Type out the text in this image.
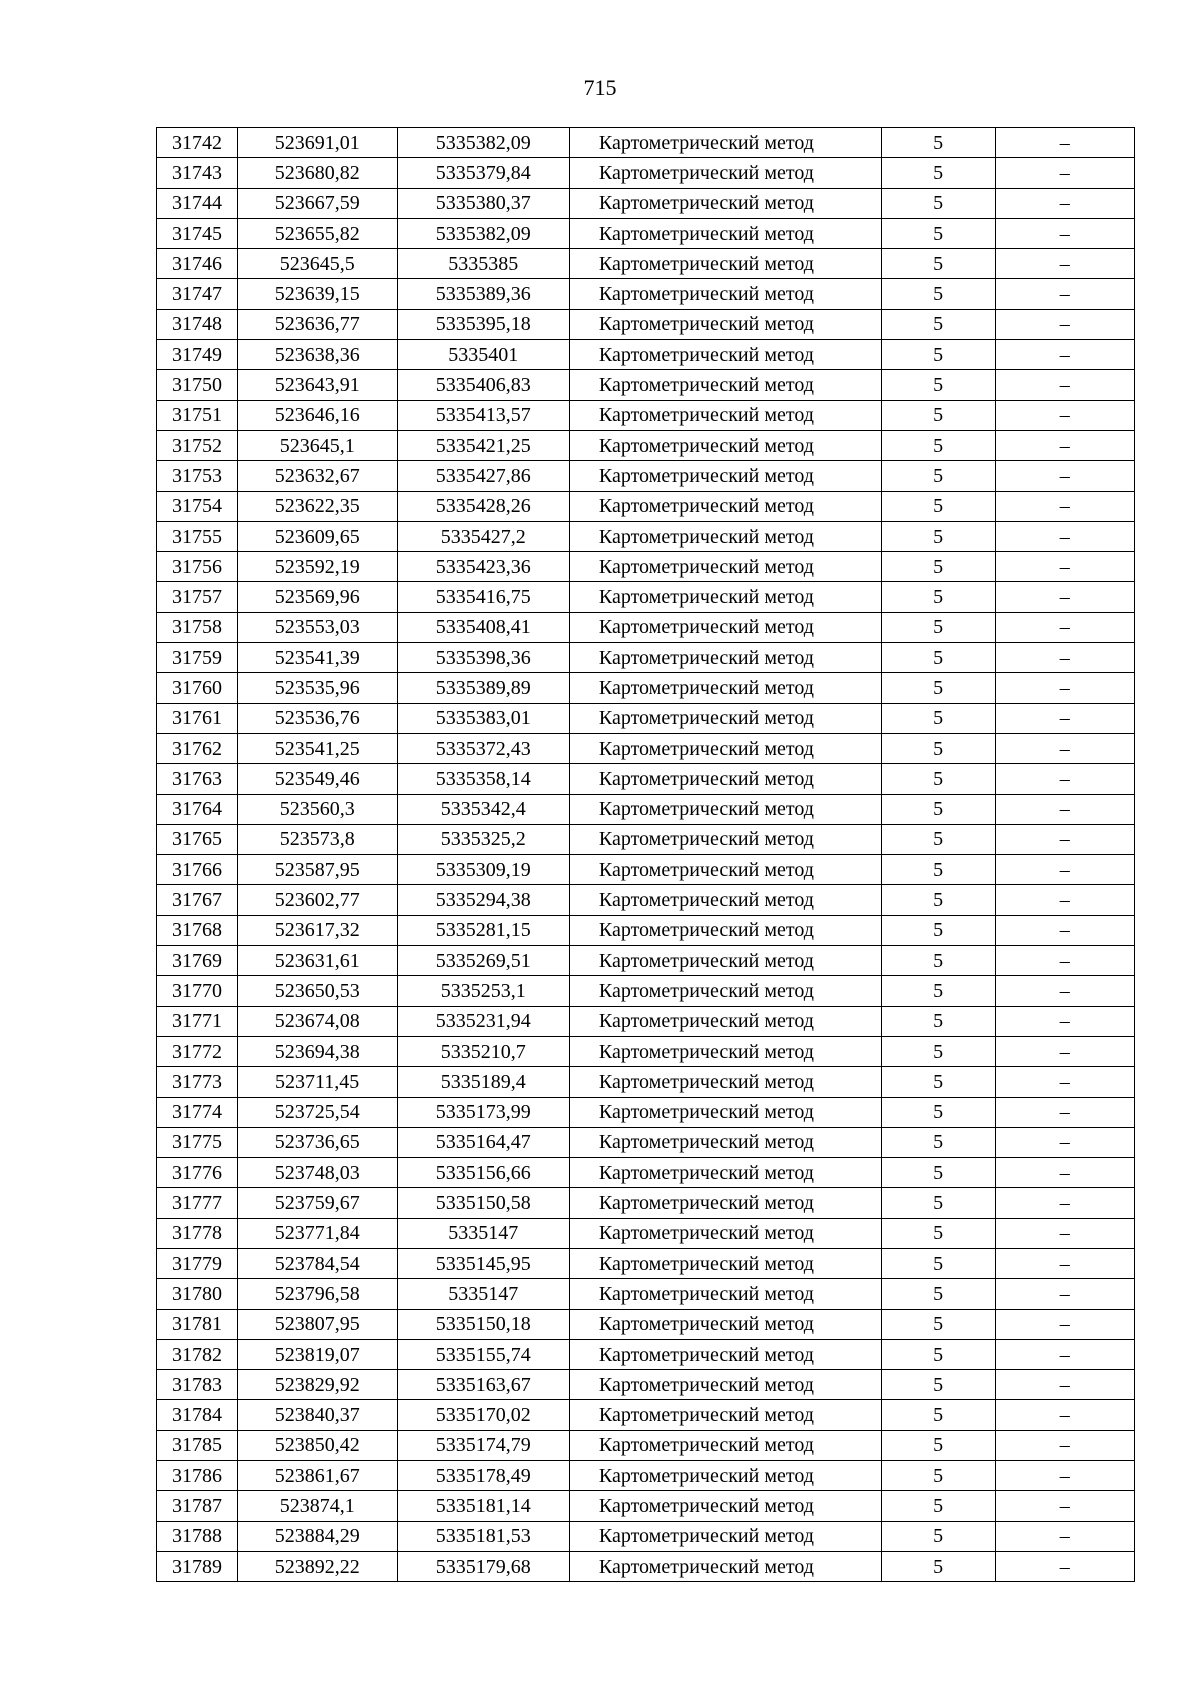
715
31742	523691,01	5335382,09	Картометрический метод	5	–
31743	523680,82	5335379,84	Картометрический метод	5	–
31744	523667,59	5335380,37	Картометрический метод	5	–
31745	523655,82	5335382,09	Картометрический метод	5	–
31746	523645,5	5335385	Картометрический метод	5	–
31747	523639,15	5335389,36	Картометрический метод	5	–
31748	523636,77	5335395,18	Картометрический метод	5	–
31749	523638,36	5335401	Картометрический метод	5	–
31750	523643,91	5335406,83	Картометрический метод	5	–
31751	523646,16	5335413,57	Картометрический метод	5	–
31752	523645,1	5335421,25	Картометрический метод	5	–
31753	523632,67	5335427,86	Картометрический метод	5	–
31754	523622,35	5335428,26	Картометрический метод	5	–
31755	523609,65	5335427,2	Картометрический метод	5	–
31756	523592,19	5335423,36	Картометрический метод	5	–
31757	523569,96	5335416,75	Картометрический метод	5	–
31758	523553,03	5335408,41	Картометрический метод	5	–
31759	523541,39	5335398,36	Картометрический метод	5	–
31760	523535,96	5335389,89	Картометрический метод	5	–
31761	523536,76	5335383,01	Картометрический метод	5	–
31762	523541,25	5335372,43	Картометрический метод	5	–
31763	523549,46	5335358,14	Картометрический метод	5	–
31764	523560,3	5335342,4	Картометрический метод	5	–
31765	523573,8	5335325,2	Картометрический метод	5	–
31766	523587,95	5335309,19	Картометрический метод	5	–
31767	523602,77	5335294,38	Картометрический метод	5	–
31768	523617,32	5335281,15	Картометрический метод	5	–
31769	523631,61	5335269,51	Картометрический метод	5	–
31770	523650,53	5335253,1	Картометрический метод	5	–
31771	523674,08	5335231,94	Картометрический метод	5	–
31772	523694,38	5335210,7	Картометрический метод	5	–
31773	523711,45	5335189,4	Картометрический метод	5	–
31774	523725,54	5335173,99	Картометрический метод	5	–
31775	523736,65	5335164,47	Картометрический метод	5	–
31776	523748,03	5335156,66	Картометрический метод	5	–
31777	523759,67	5335150,58	Картометрический метод	5	–
31778	523771,84	5335147	Картометрический метод	5	–
31779	523784,54	5335145,95	Картометрический метод	5	–
31780	523796,58	5335147	Картометрический метод	5	–
31781	523807,95	5335150,18	Картометрический метод	5	–
31782	523819,07	5335155,74	Картометрический метод	5	–
31783	523829,92	5335163,67	Картометрический метод	5	–
31784	523840,37	5335170,02	Картометрический метод	5	–
31785	523850,42	5335174,79	Картометрический метод	5	–
31786	523861,67	5335178,49	Картометрический метод	5	–
31787	523874,1	5335181,14	Картометрический метод	5	–
31788	523884,29	5335181,53	Картометрический метод	5	–
31789	523892,22	5335179,68	Картометрический метод	5	–
